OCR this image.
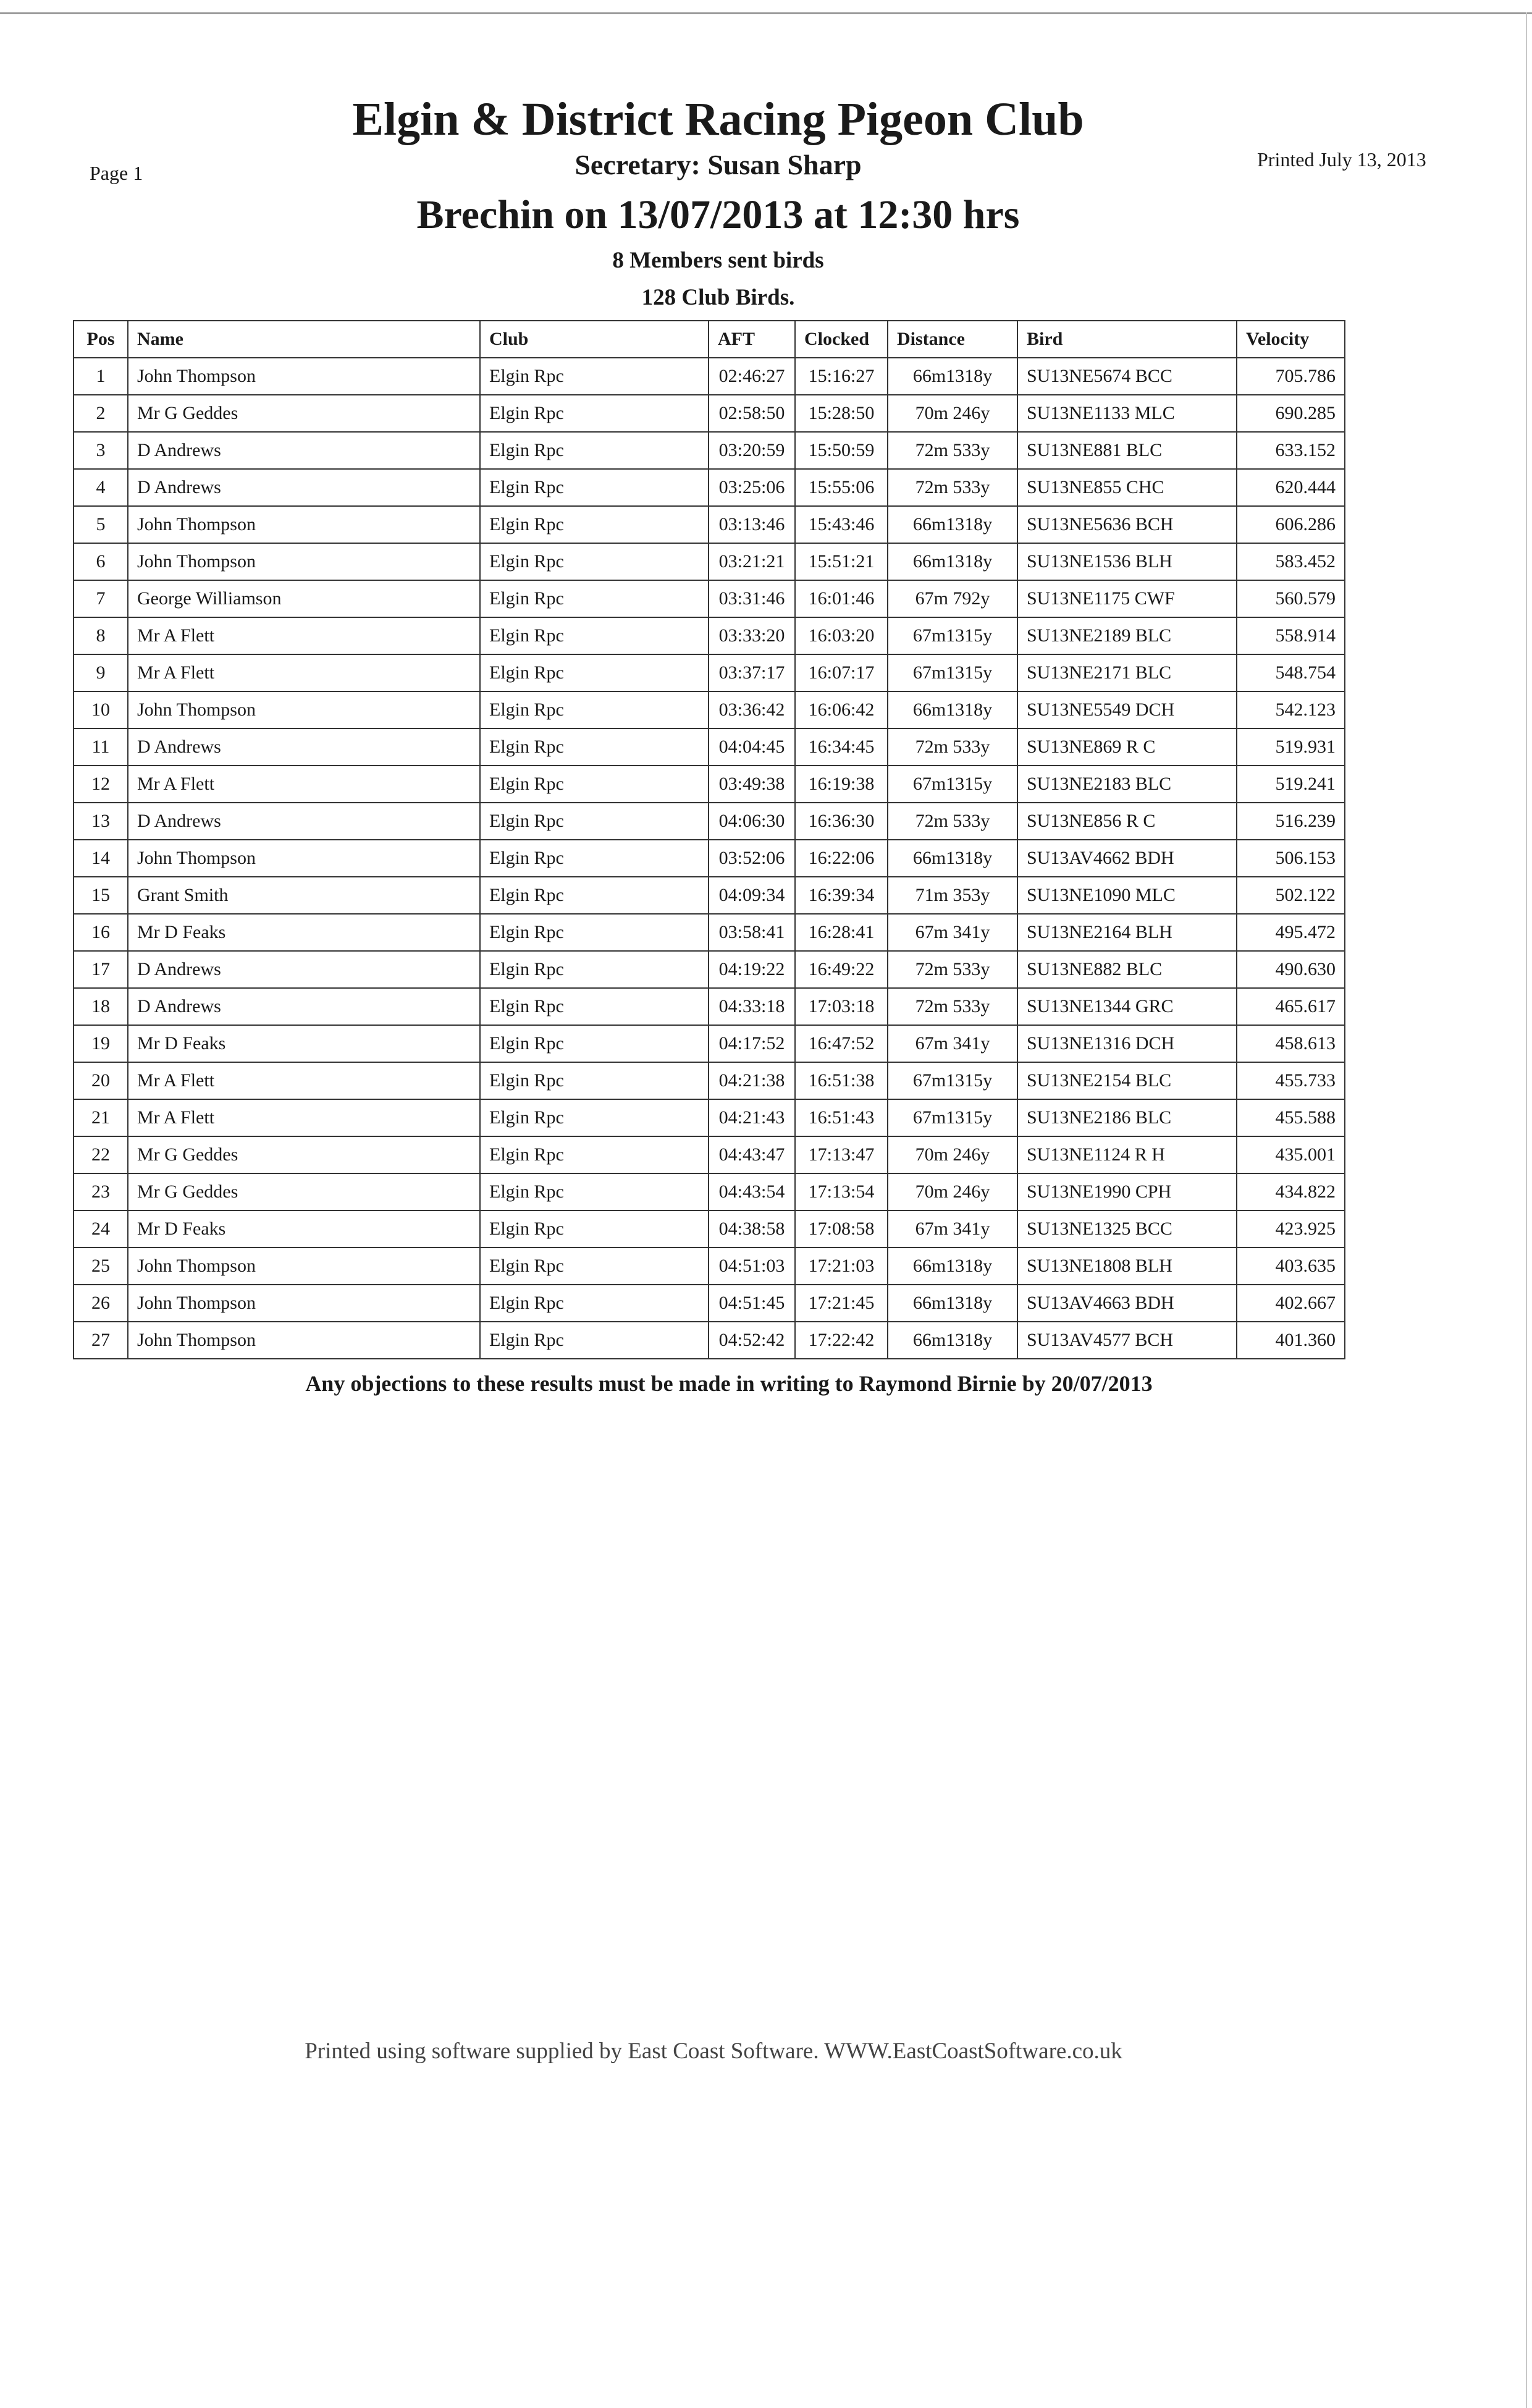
Elgin & District Racing Pigeon Club
Secretary: Susan Sharp
Page 1
Printed July 13, 2013
Brechin on 13/07/2013 at 12:30 hrs
8 Members sent birds
128 Club Birds.
Pos	Name	Club	AFT	Clocked	Distance	Bird	Velocity
1	John Thompson	Elgin Rpc	02:46:27	15:16:27	66m1318y	SU13NE5674 BCC	705.786
2	Mr G Geddes	Elgin Rpc	02:58:50	15:28:50	70m 246y	SU13NE1133 MLC	690.285
3	D Andrews	Elgin Rpc	03:20:59	15:50:59	72m 533y	SU13NE881 BLC	633.152
4	D Andrews	Elgin Rpc	03:25:06	15:55:06	72m 533y	SU13NE855 CHC	620.444
5	John Thompson	Elgin Rpc	03:13:46	15:43:46	66m1318y	SU13NE5636 BCH	606.286
6	John Thompson	Elgin Rpc	03:21:21	15:51:21	66m1318y	SU13NE1536 BLH	583.452
7	George Williamson	Elgin Rpc	03:31:46	16:01:46	67m 792y	SU13NE1175 CWF	560.579
8	Mr A Flett	Elgin Rpc	03:33:20	16:03:20	67m1315y	SU13NE2189 BLC	558.914
9	Mr A Flett	Elgin Rpc	03:37:17	16:07:17	67m1315y	SU13NE2171 BLC	548.754
10	John Thompson	Elgin Rpc	03:36:42	16:06:42	66m1318y	SU13NE5549 DCH	542.123
11	D Andrews	Elgin Rpc	04:04:45	16:34:45	72m 533y	SU13NE869 R C	519.931
12	Mr A Flett	Elgin Rpc	03:49:38	16:19:38	67m1315y	SU13NE2183 BLC	519.241
13	D Andrews	Elgin Rpc	04:06:30	16:36:30	72m 533y	SU13NE856 R C	516.239
14	John Thompson	Elgin Rpc	03:52:06	16:22:06	66m1318y	SU13AV4662 BDH	506.153
15	Grant Smith	Elgin Rpc	04:09:34	16:39:34	71m 353y	SU13NE1090 MLC	502.122
16	Mr D Feaks	Elgin Rpc	03:58:41	16:28:41	67m 341y	SU13NE2164 BLH	495.472
17	D Andrews	Elgin Rpc	04:19:22	16:49:22	72m 533y	SU13NE882 BLC	490.630
18	D Andrews	Elgin Rpc	04:33:18	17:03:18	72m 533y	SU13NE1344 GRC	465.617
19	Mr D Feaks	Elgin Rpc	04:17:52	16:47:52	67m 341y	SU13NE1316 DCH	458.613
20	Mr A Flett	Elgin Rpc	04:21:38	16:51:38	67m1315y	SU13NE2154 BLC	455.733
21	Mr A Flett	Elgin Rpc	04:21:43	16:51:43	67m1315y	SU13NE2186 BLC	455.588
22	Mr G Geddes	Elgin Rpc	04:43:47	17:13:47	70m 246y	SU13NE1124 R H	435.001
23	Mr G Geddes	Elgin Rpc	04:43:54	17:13:54	70m 246y	SU13NE1990 CPH	434.822
24	Mr D Feaks	Elgin Rpc	04:38:58	17:08:58	67m 341y	SU13NE1325 BCC	423.925
25	John Thompson	Elgin Rpc	04:51:03	17:21:03	66m1318y	SU13NE1808 BLH	403.635
26	John Thompson	Elgin Rpc	04:51:45	17:21:45	66m1318y	SU13AV4663 BDH	402.667
27	John Thompson	Elgin Rpc	04:52:42	17:22:42	66m1318y	SU13AV4577 BCH	401.360
Any objections to these results must be made in writing to Raymond Birnie by 20/07/2013
Printed using software supplied by East Coast Software. WWW.EastCoastSoftware.co.uk
